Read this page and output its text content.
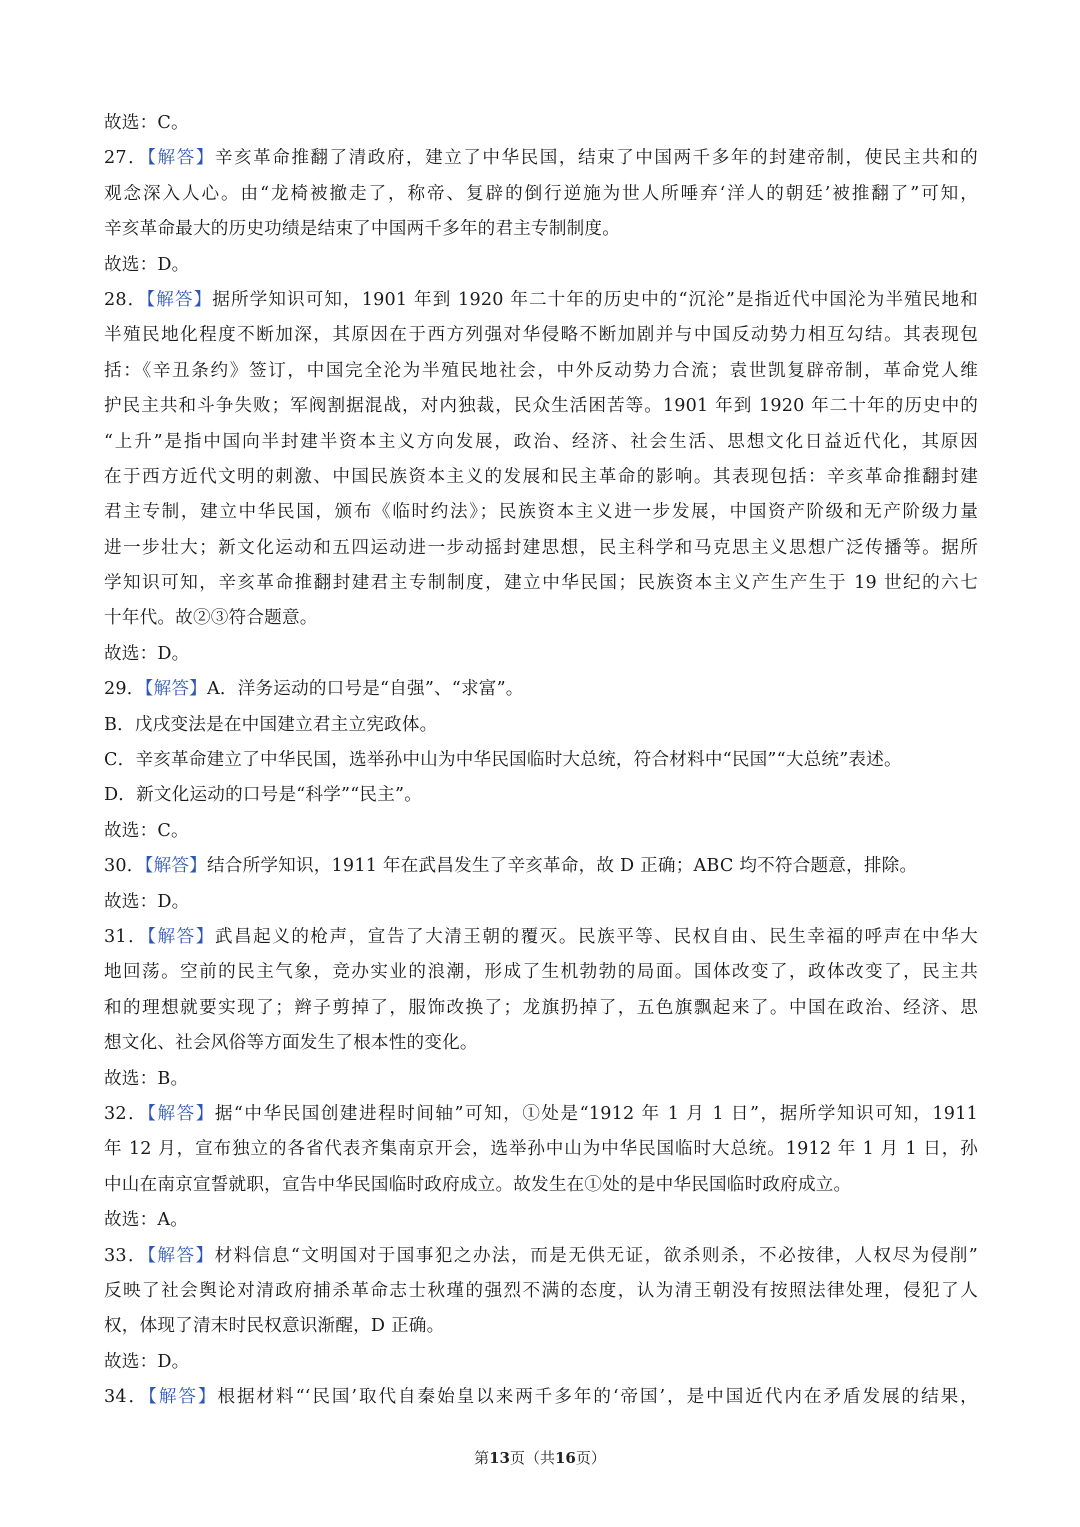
故选：C。
27．【解答】辛亥革命推翻了清政府，建立了中华民国，结束了中国两千多年的封建帝制，使民主共和的
观念深入人心。由“龙椅被撤走了，称帝、复辟的倒行逆施为世人所唾弃‘洋人的朝廷’被推翻了”可知，
辛亥革命最大的历史功绩是结束了中国两千多年的君主专制制度。
故选：D。
28．【解答】据所学知识可知，1901 年到 1920 年二十年的历史中的“沉沦”是指近代中国沦为半殖民地和
半殖民地化程度不断加深，其原因在于西方列强对华侵略不断加剧并与中国反动势力相互勾结。其表现包
括：《辛丑条约》签订，中国完全沦为半殖民地社会，中外反动势力合流；袁世凯复辟帝制，革命党人维
护民主共和斗争失败；军阀割据混战，对内独裁，民众生活困苦等。1901 年到 1920 年二十年的历史中的
“上升”是指中国向半封建半资本主义方向发展，政治、经济、社会生活、思想文化日益近代化，其原因
在于西方近代文明的刺激、中国民族资本主义的发展和民主革命的影响。其表现包括：辛亥革命推翻封建
君主专制，建立中华民国，颁布《临时约法》；民族资本主义进一步发展，中国资产阶级和无产阶级力量
进一步壮大；新文化运动和五四运动进一步动摇封建思想，民主科学和马克思主义思想广泛传播等。据所
学知识可知，辛亥革命推翻封建君主专制制度，建立中华民国；民族资本主义产生产生于 19 世纪的六七
十年代。故②③符合题意。
故选：D。
29．【解答】A．洋务运动的口号是“自强”、“求富”。
B．戊戌变法是在中国建立君主立宪政体。
C．辛亥革命建立了中华民国，选举孙中山为中华民国临时大总统，符合材料中“民国”“大总统”表述。
D．新文化运动的口号是“科学”“民主”。
故选：C。
30．【解答】结合所学知识，1911 年在武昌发生了辛亥革命，故 D 正确；ABC 均不符合题意，排除。
故选：D。
31．【解答】武昌起义的枪声，宣告了大清王朝的覆灭。民族平等、民权自由、民生幸福的呼声在中华大
地回荡。空前的民主气象，竞办实业的浪潮，形成了生机勃勃的局面。国体改变了，政体改变了，民主共
和的理想就要实现了；辫子剪掉了，服饰改换了；龙旗扔掉了，五色旗飘起来了。中国在政治、经济、思
想文化、社会风俗等方面发生了根本性的变化。
故选：B。
32．【解答】据“中华民国创建进程时间轴”可知，①处是“1912 年 1 月 1 日”，据所学知识可知，1911
年 12 月，宣布独立的各省代表齐集南京开会，选举孙中山为中华民国临时大总统。1912 年 1 月 1 日，孙
中山在南京宣誓就职，宣告中华民国临时政府成立。故发生在①处的是中华民国临时政府成立。
故选：A。
33．【解答】材料信息“文明国对于国事犯之办法，而是无供无证，欲杀则杀，不必按律，人权尽为侵削”
反映了社会舆论对清政府捕杀革命志士秋瑾的强烈不满的态度，认为清王朝没有按照法律处理，侵犯了人
权，体现了清末时民权意识渐醒，D 正确。
故选：D。
34．【解答】根据材料“‘民国’取代自秦始皇以来两千多年的‘帝国’，是中国近代内在矛盾发展的结果，
第13页（共16页）
